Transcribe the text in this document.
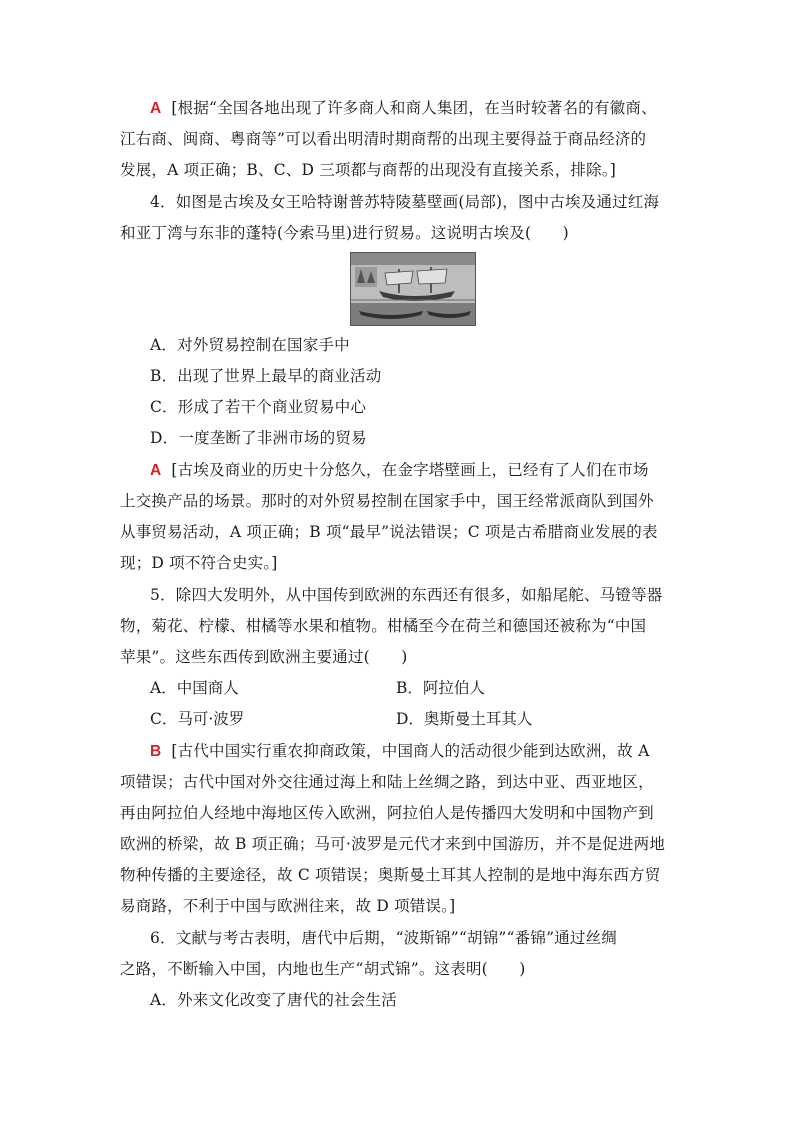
A [根据“全国各地出现了许多商人和商人集团，在当时较著名的有徽商、
江右商、闽商、粤商等”可以看出明清时期商帮的出现主要得益于商品经济的
发展，A 项正确；B、C、D 三项都与商帮的出现没有直接关系，排除。]
4．如图是古埃及女王哈特谢普苏特陵墓壁画(局部)，图中古埃及通过红海
和亚丁湾与东非的蓬特(今索马里)进行贸易。这说明古埃及(　　)
A．对外贸易控制在国家手中
B．出现了世界上最早的商业活动
C．形成了若干个商业贸易中心
D．一度垄断了非洲市场的贸易
A [古埃及商业的历史十分悠久，在金字塔壁画上，已经有了人们在市场
上交换产品的场景。那时的对外贸易控制在国家手中，国王经常派商队到国外
从事贸易活动，A 项正确；B 项“最早”说法错误；C 项是古希腊商业发展的表
现；D 项不符合史实。]
5．除四大发明外，从中国传到欧洲的东西还有很多，如船尾舵、马镫等器
物，菊花、柠檬、柑橘等水果和植物。柑橘至今在荷兰和德国还被称为“中国
苹果”。这些东西传到欧洲主要通过(　　)
A．中国商人	B．阿拉伯人
C．马可·波罗	D．奥斯曼土耳其人
B [古代中国实行重农抑商政策，中国商人的活动很少能到达欧洲，故 A
项错误；古代中国对外交往通过海上和陆上丝绸之路，到达中亚、西亚地区，
再由阿拉伯人经地中海地区传入欧洲，阿拉伯人是传播四大发明和中国物产到
欧洲的桥梁，故 B 项正确；马可·波罗是元代才来到中国游历，并不是促进两地
物种传播的主要途径，故 C 项错误；奥斯曼土耳其人控制的是地中海东西方贸
易商路，不利于中国与欧洲往来，故 D 项错误。]
6．文献与考古表明，唐代中后期，“波斯锦”“胡锦”“番锦”通过丝绸
之路，不断输入中国，内地也生产“胡式锦”。这表明(　　)
A．外来文化改变了唐代的社会生活
